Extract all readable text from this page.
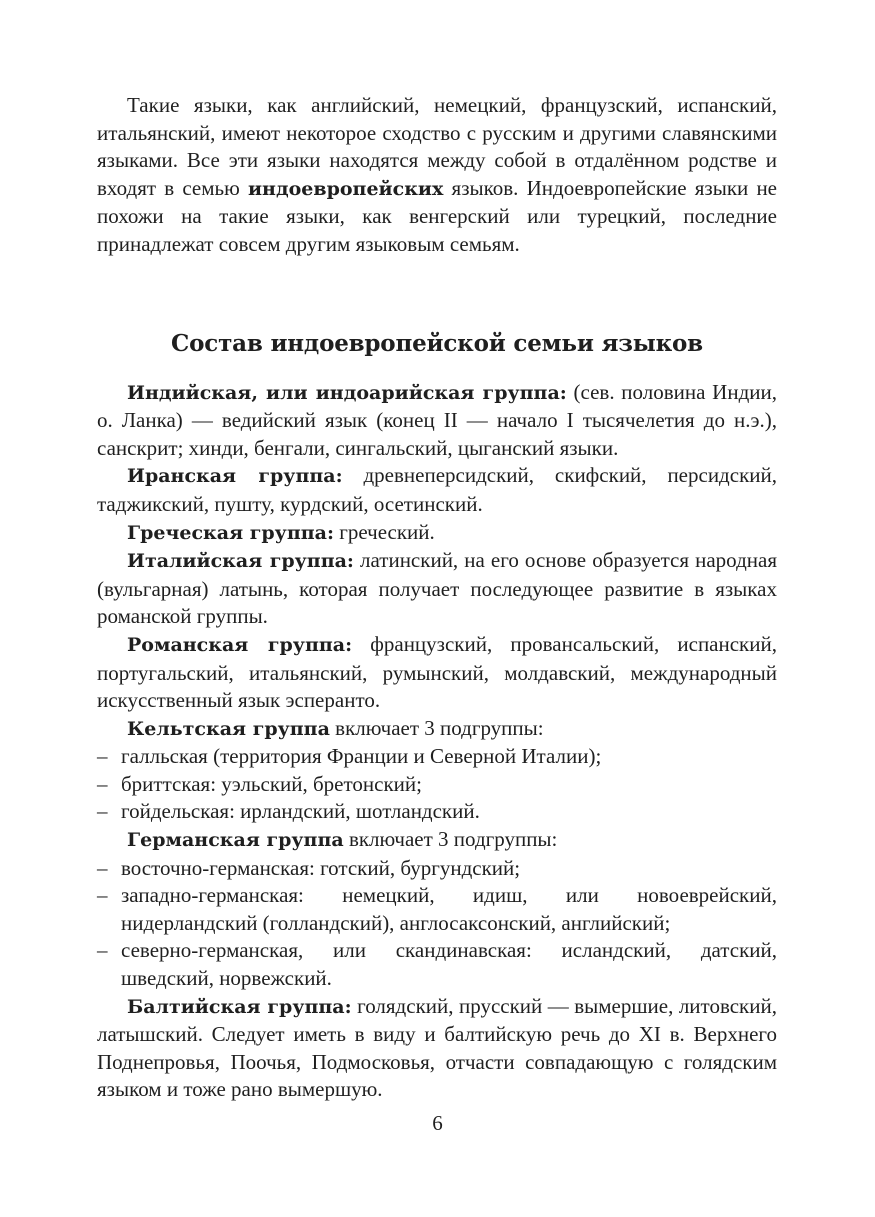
Такие языки, как английский, немецкий, французский, испанский, итальянский, имеют некоторое сходство с русским и другими славянскими языками. Все эти языки находятся между собой в отдалённом родстве и входят в семью индоевропейских языков. Индоевропейские языки не похожи на такие языки, как венгерский или турецкий, последние принадлежат совсем другим языковым семьям.

Состав индоевропейской семьи языков

Индийская, или индоарийская группа: (сев. половина Индии, о. Ланка) — ведийский язык (конец II — начало I тысячелетия до н.э.), санскрит; хинди, бенгали, сингальский, цыганский языки.

Иранская группа: древнеперсидский, скифский, персидский, таджикский, пушту, курдский, осетинский.

Греческая группа: греческий.

Италийская группа: латинский, на его основе образуется народная (вульгарная) латынь, которая получает последующее развитие в языках романской группы.

Романская группа: французский, провансальский, испанский, португальский, итальянский, румынский, молдавский, международный искусственный язык эсперанто.

Кельтская группа включает 3 подгруппы:

– галльская (территория Франции и Северной Италии);

– бриттская: уэльский, бретонский;

– гойдельская: ирландский, шотландский.

Германская группа включает 3 подгруппы:

– восточно-германская: готский, бургундский;

– западно-германская: немецкий, идиш, или новоеврейский, нидерландский (голландский), англосаксонский, английский;

– северно-германская, или скандинавская: исландский, датский, шведский, норвежский.

Балтийская группа: голядский, прусский — вымершие, литовский, латышский. Следует иметь в виду и балтийскую речь до XI в. Верхнего Поднепровья, Поочья, Подмосковья, отчасти совпадающую с голядским языком и тоже рано вымершую.

6
